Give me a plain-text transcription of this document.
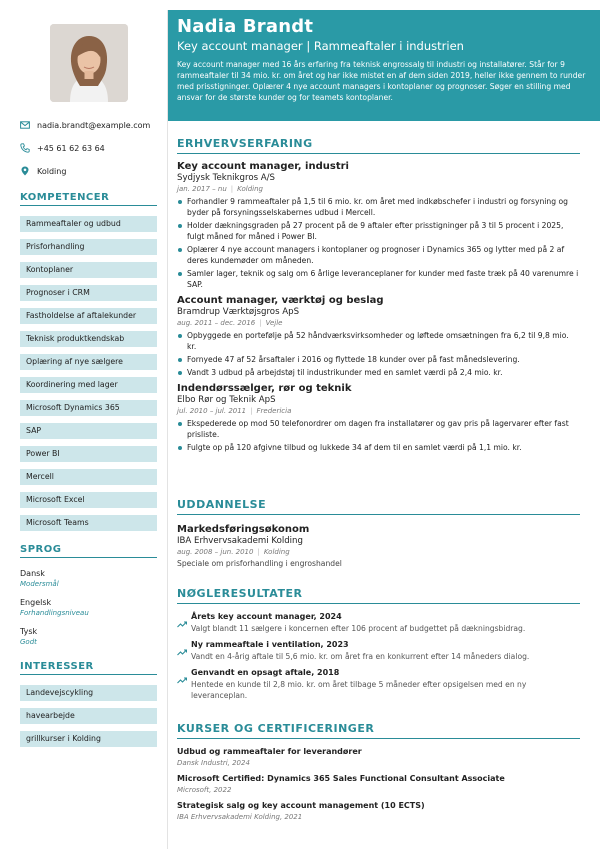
nadia.brandt@example.com
+45 61 62 63 64
Kolding
KOMPETENCER
Rammeaftaler og udbud
Prisforhandling
Kontoplaner
Prognoser i CRM
Fastholdelse af aftalekunder
Teknisk produktkendskab
Oplæring af nye sælgere
Koordinering med lager
Microsoft Dynamics 365
SAP
Power BI
Mercell
Microsoft Excel
Microsoft Teams
SPROG
Dansk
Modersmål
Engelsk
Forhandlingsniveau
Tysk
Godt
INTERESSER
Landevejscykling
havearbejde
grillkurser i Kolding
Nadia Brandt
Key account manager | Rammeaftaler i industrien
Key account manager med 16 års erfaring fra teknisk engrossalg til industri og installatører. Står for 9 rammeaftaler til 34 mio. kr. om året og har ikke mistet en af dem siden 2019, heller ikke gennem to runder med prisstigninger. Oplærer 4 nye account managers i kontoplaner og prognoser. Søger en stilling med ansvar for de største kunder og for teamets kontoplaner.
ERHVERVSERFARING
Key account manager, industri
Sydjysk Teknikgros A/S
jan. 2017 – nu | Kolding
Forhandler 9 rammeaftaler på 1,5 til 6 mio. kr. om året med indkøbschefer i industri og forsyning og byder på forsyningsselskabernes udbud i Mercell.
Holder dækningsgraden på 27 procent på de 9 aftaler efter prisstigninger på 3 til 5 procent i 2025, fulgt måned for måned i Power BI.
Oplærer 4 nye account managers i kontoplaner og prognoser i Dynamics 365 og lytter med på 2 af deres kundemøder om måneden.
Samler lager, teknik og salg om 6 årlige leveranceplaner for kunder med faste træk på 40 varenumre i SAP.
Account manager, værktøj og beslag
Bramdrup Værktøjsgros ApS
aug. 2011 – dec. 2016 | Vejle
Opbyggede en portefølje på 52 håndværksvirksomheder og løftede omsætningen fra 6,2 til 9,8 mio. kr.
Fornyede 47 af 52 årsaftaler i 2016 og flyttede 18 kunder over på fast månedslevering.
Vandt 3 udbud på arbejdstøj til industrikunder med en samlet værdi på 2,4 mio. kr.
Indendørssælger, rør og teknik
Elbo Rør og Teknik ApS
jul. 2010 – jul. 2011 | Fredericia
Ekspederede op mod 50 telefonordrer om dagen fra installatører og gav pris på lagervarer efter fast prisliste.
Fulgte op på 120 afgivne tilbud og lukkede 34 af dem til en samlet værdi på 1,1 mio. kr.
UDDANNELSE
Markedsføringsøkonom
IBA Erhvervsakademi Kolding
aug. 2008 – jun. 2010 | Kolding
Speciale om prisforhandling i engroshandel
NØGLERESULTATER
Årets key account manager, 2024
Valgt blandt 11 sælgere i koncernen efter 106 procent af budgettet på dækningsbidrag.
Ny rammeaftale i ventilation, 2023
Vandt en 4-årig aftale til 5,6 mio. kr. om året fra en konkurrent efter 14 måneders dialog.
Genvandt en opsagt aftale, 2018
Hentede en kunde til 2,8 mio. kr. om året tilbage 5 måneder efter opsigelsen med en ny leveranceplan.
KURSER OG CERTIFICERINGER
Udbud og rammeaftaler for leverandører
Dansk Industri, 2024
Microsoft Certified: Dynamics 365 Sales Functional Consultant Associate
Microsoft, 2022
Strategisk salg og key account management (10 ECTS)
IBA Erhvervsakademi Kolding, 2021
